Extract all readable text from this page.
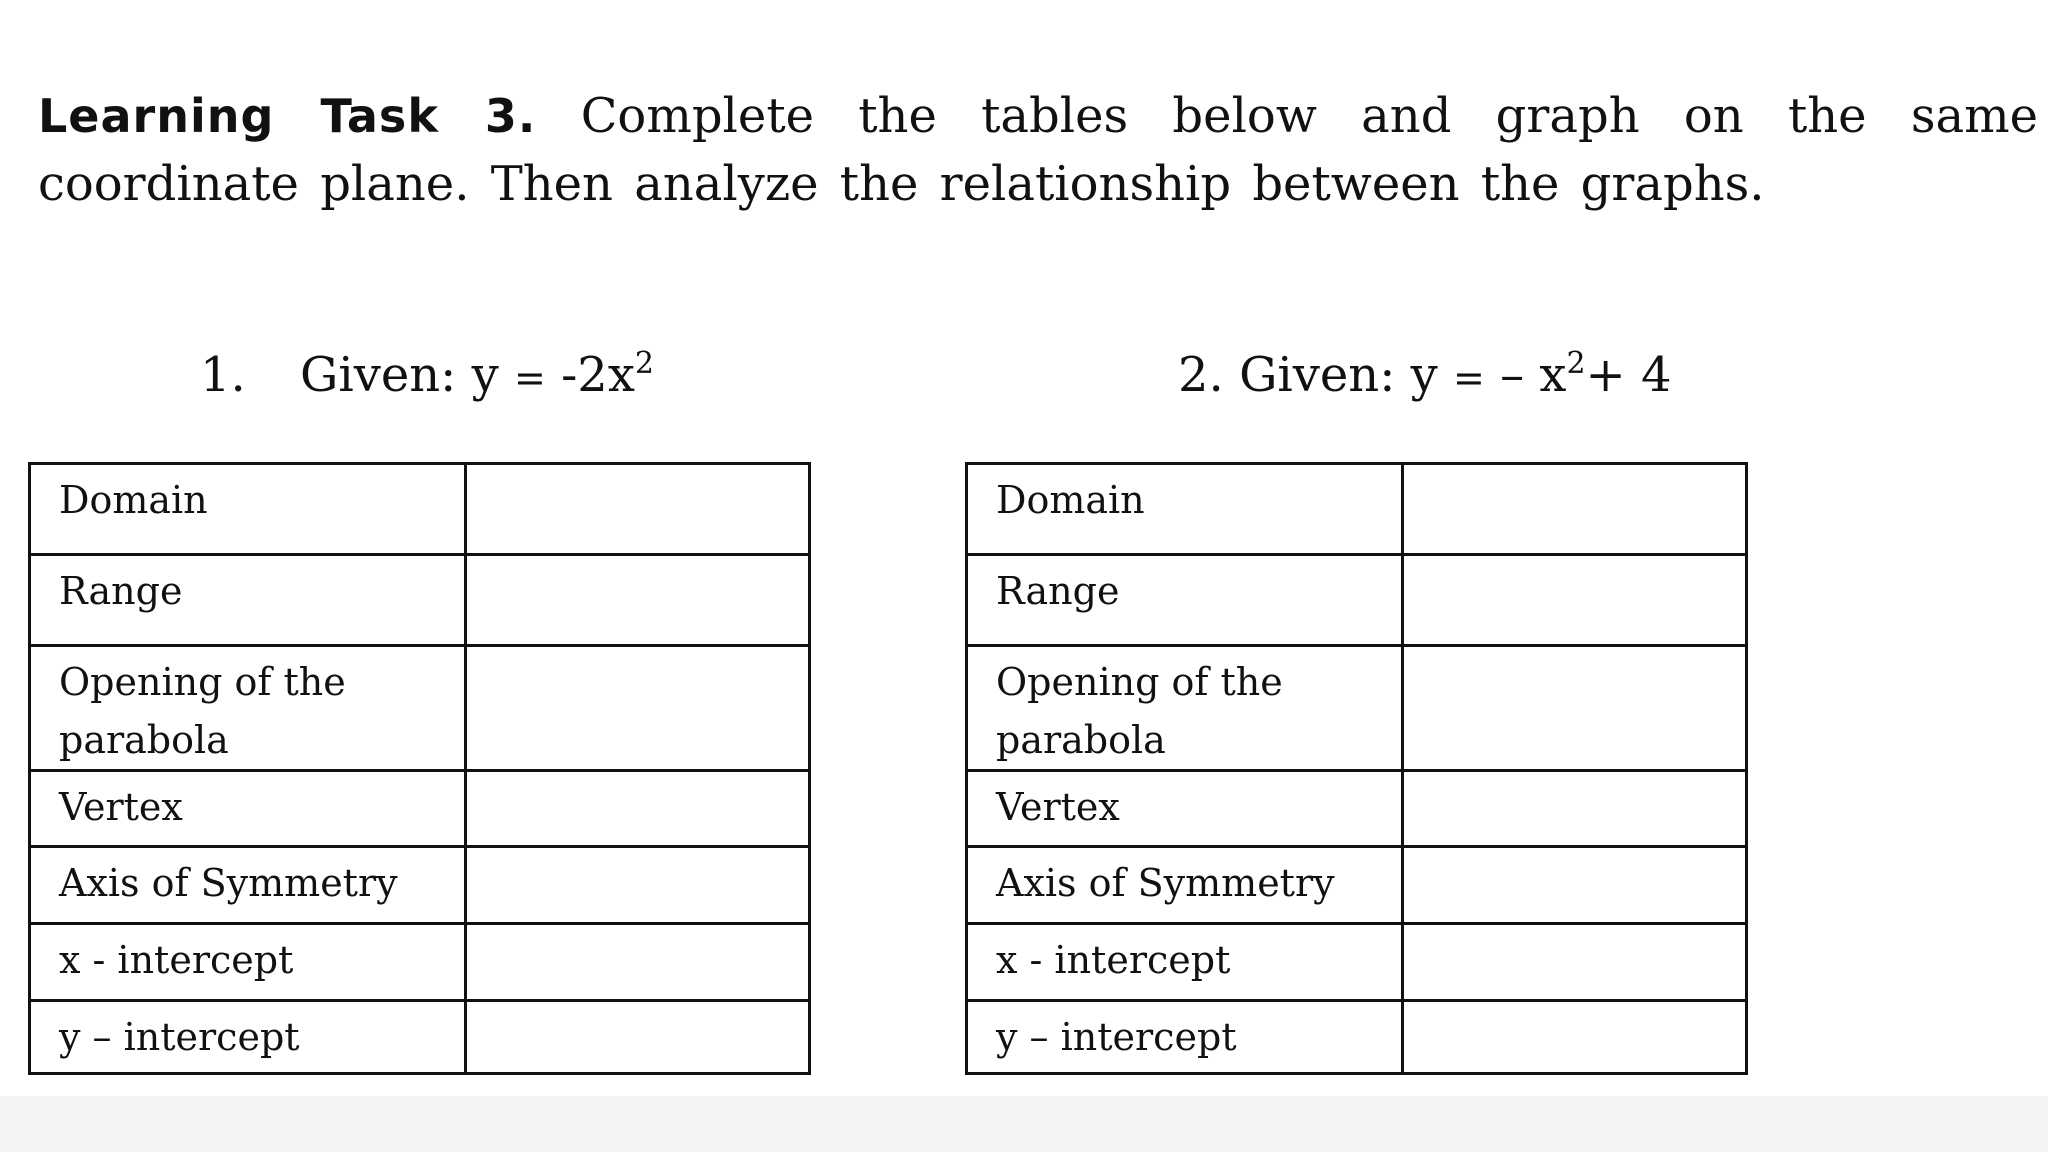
Learning Task 3. Complete the tables below and graph on the same coordinate plane. Then analyze the relationship between the graphs.

1. Given: $y = -2x^2$	2. Given: y = – $x^2+ 4$
Domain	

Range	

Opening of the parabola	

Vertex	

Axis of Symmetry	

x - intercept	

y – intercept	

Domain	

Range	

Opening of the parabola	

Vertex	

Axis of Symmetry	

x - intercept	

y – intercept	
